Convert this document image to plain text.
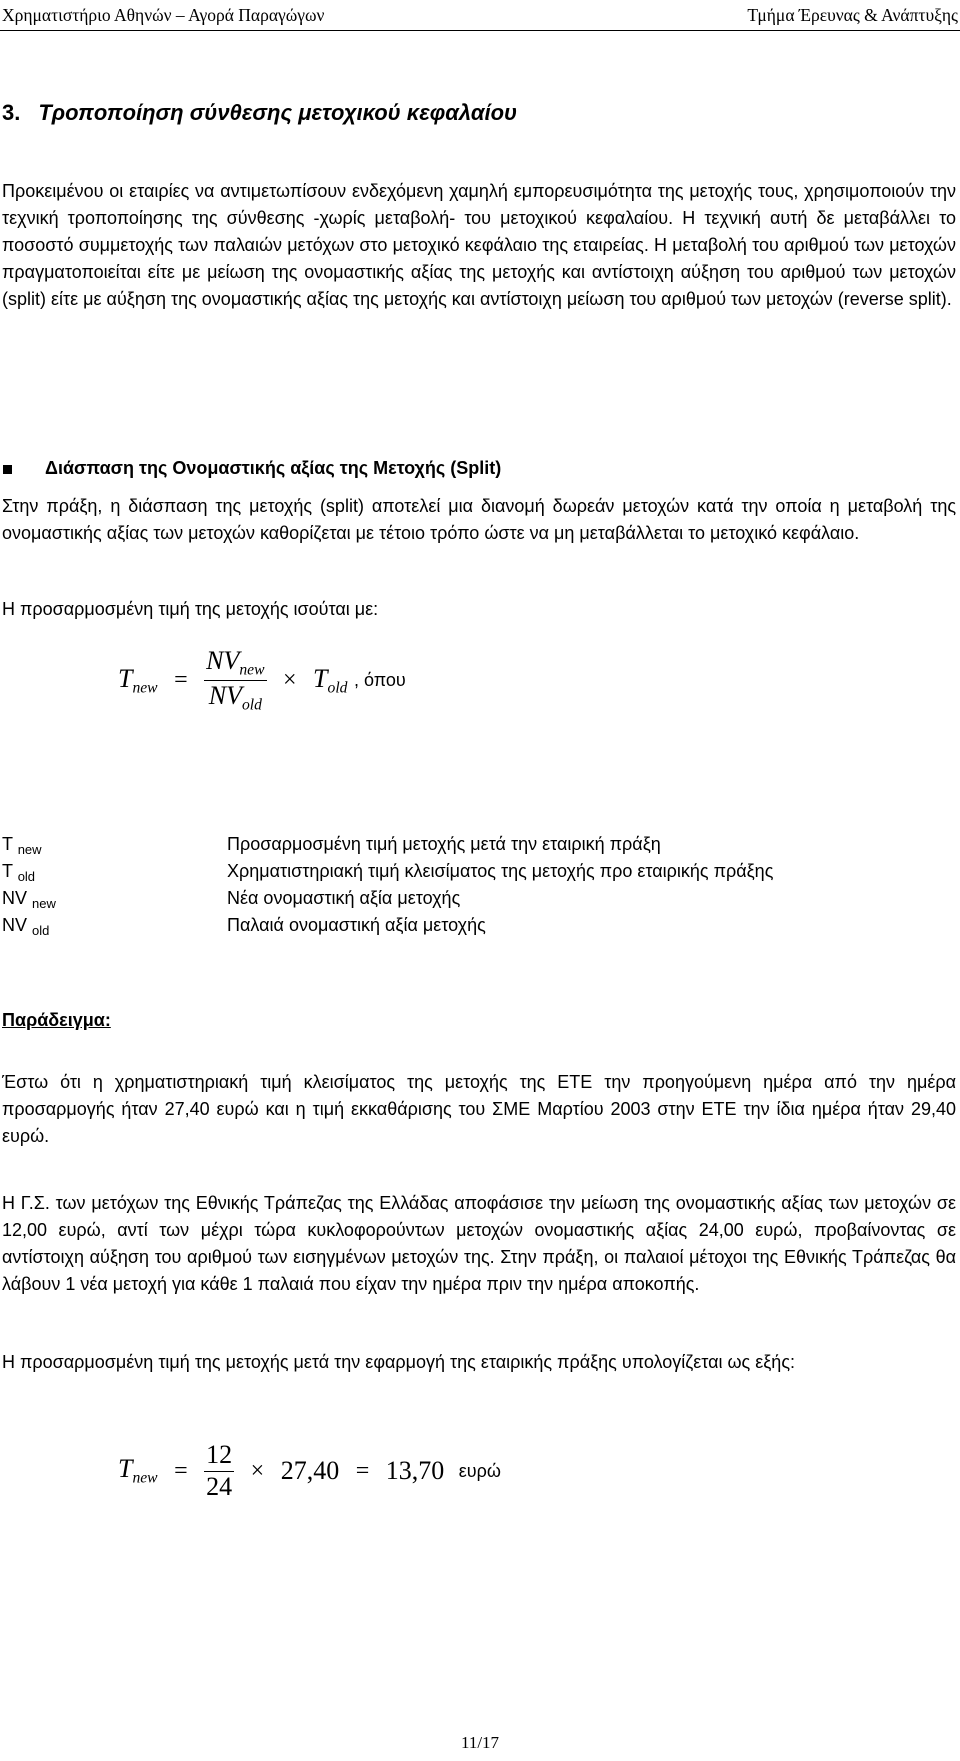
Χρηματιστήριο Αθηνών – Αγορά Παραγώγων	Τμήμα Έρευνας & Ανάπτυξης
3. Τροποποίηση σύνθεσης μετοχικού κεφαλαίου

Προκειμένου οι εταιρίες να αντιμετωπίσουν ενδεχόμενη χαμηλή εμπορευσιμότητα της μετοχής τους, χρησιμοποιούν την τεχνική τροποποίησης της σύνθεσης -χωρίς μεταβολή- του μετοχικού κεφαλαίου. Η τεχνική αυτή δε μεταβάλλει το ποσοστό συμμετοχής των παλαιών μετόχων στο μετοχικό κεφάλαιο της εταιρείας. Η μεταβολή του αριθμού των μετοχών πραγματοποιείται είτε με μείωση της ονομαστικής αξίας της μετοχής και αντίστοιχη αύξηση του αριθμού των μετοχών (split) είτε με αύξηση της ονομαστικής αξίας της μετοχής και αντίστοιχη μείωση του αριθμού των μετοχών (reverse split).

Διάσπαση της Ονομαστικής αξίας της Μετοχής (Split)

Στην πράξη, η διάσπαση της μετοχής (split) αποτελεί μια διανομή δωρεάν μετοχών κατά την οποία η μεταβολή της ονομαστικής αξίας των μετοχών καθορίζεται με τέτοιο τρόπο ώστε να μη μεταβάλλεται το μετοχικό κεφάλαιο.

Η προσαρμοσμένη τιμή της μετοχής ισούται με:

$T_{new} = \frac{NV_{new}}{NV_{old}} \times T_{old}$ , όπου
T $_{new}$	Προσαρμοσμένη τιμή μετοχής μετά την εταιρική πράξη
T $_{old}$	Χρηματιστηριακή τιμή κλεισίματος της μετοχής προ εταιρικής πράξης
NV $_{new}$	Νέα ονομαστική αξία μετοχής
NV $_{old}$	Παλαιά ονομαστική αξία μετοχής
Παράδειγμα:

Έστω ότι η χρηματιστηριακή τιμή κλεισίματος της μετοχής της ΕΤΕ την προηγούμενη ημέρα από την ημέρα προσαρμογής ήταν 27,40 ευρώ και η τιμή εκκαθάρισης του ΣΜΕ Μαρτίου 2003 στην ΕΤΕ την ίδια ημέρα ήταν 29,40 ευρώ.

Η Γ.Σ. των μετόχων της Εθνικής Τράπεζας της Ελλάδας αποφάσισε την μείωση της ονομαστικής αξίας των μετοχών σε 12,00 ευρώ, αντί των μέχρι τώρα κυκλοφορούντων μετοχών ονομαστικής αξίας 24,00 ευρώ, προβαίνοντας σε αντίστοιχη αύξηση του αριθμού των εισηγμένων μετοχών της. Στην πράξη, οι παλαιοί μέτοχοι της Εθνικής Τράπεζας θα λάβουν 1 νέα μετοχή για κάθε 1 παλαιά που είχαν την ημέρα πριν την ημέρα αποκοπής.

Η προσαρμοσμένη τιμή της μετοχής μετά την εφαρμογή της εταιρικής πράξης υπολογίζεται ως εξής:

$T_{new} = \frac{12}{24} \times 27,40 = 13,70$ ευρώ
11/17
